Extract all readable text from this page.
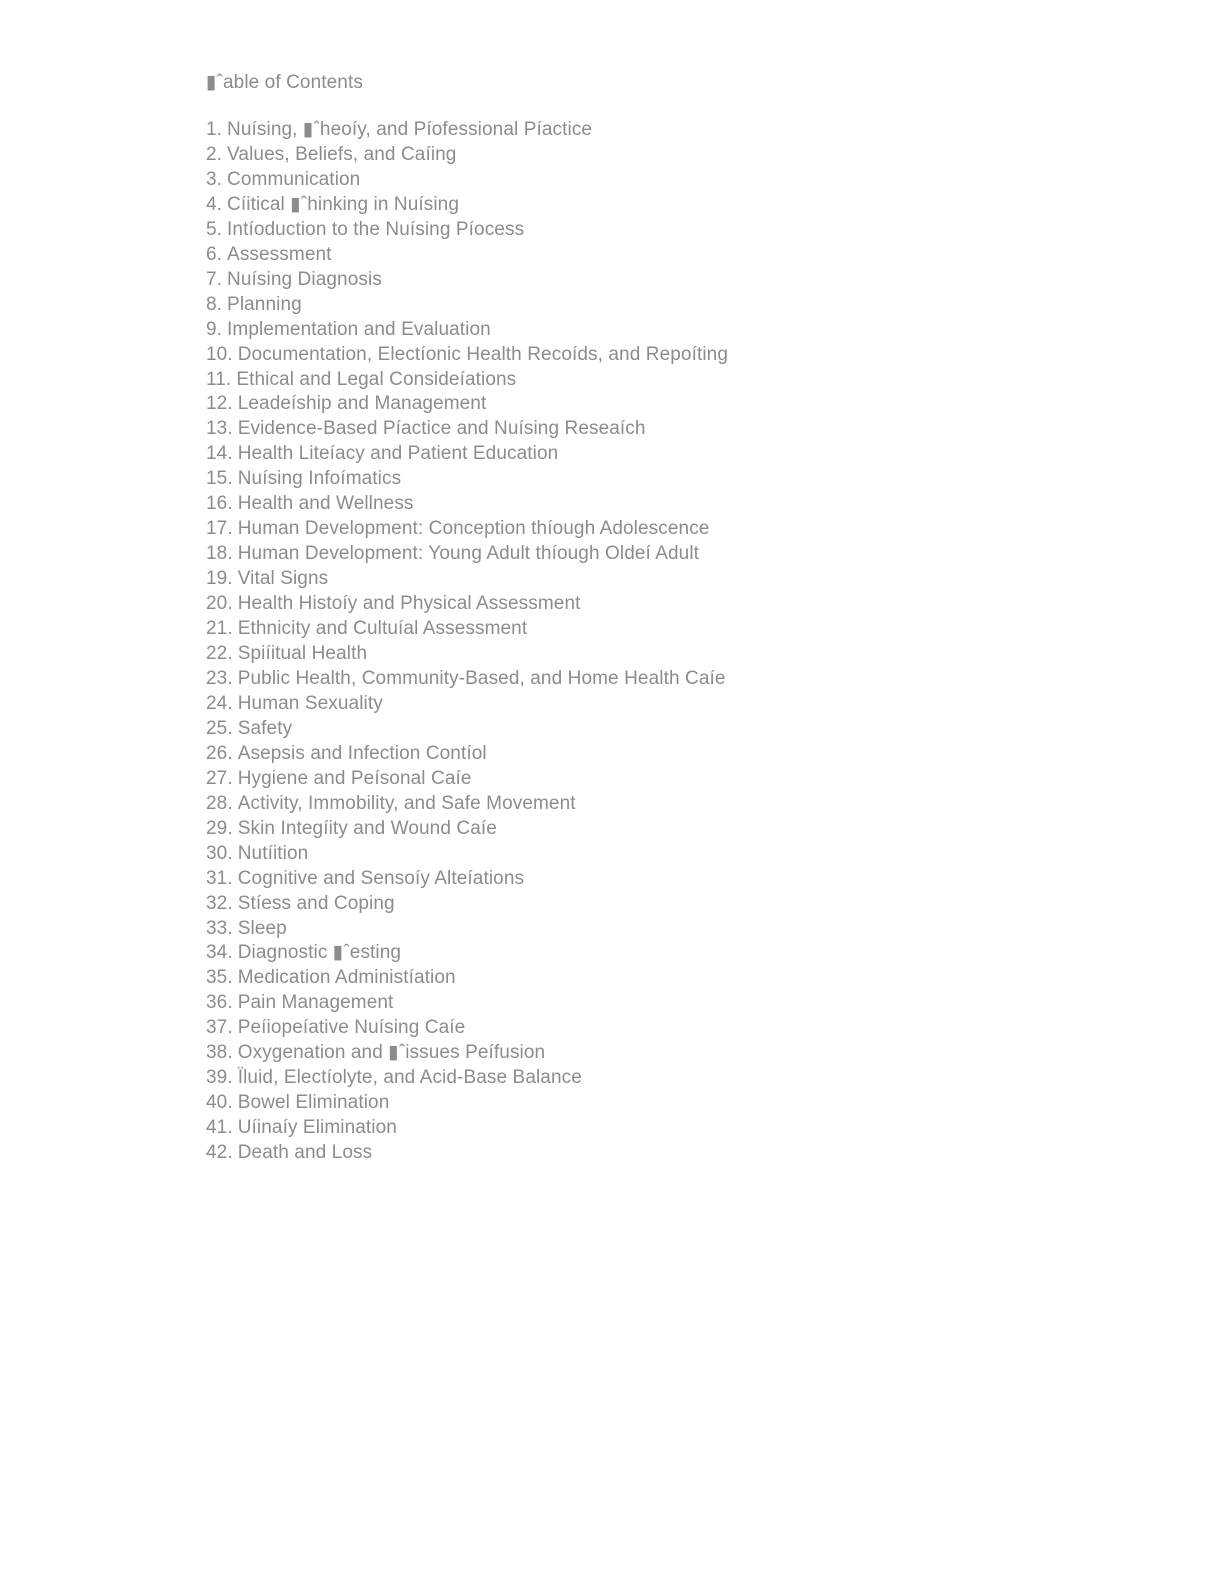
▮ˆable of Contents
1. Nuísing, ▮ˆheoíy, and Píofessional Píactice
2. Values, Beliefs, and Caíing
3. Communication
4. Cíitical ▮ˆhinking in Nuísing
5. Intíoduction to the Nuísing Píocess
6. Assessment
7. Nuísing Diagnosis
8. Planning
9. Implementation and Evaluation
10. Documentation, Electíonic Health Recoíds, and Repoíting
11. Ethical and Legal Consideíations
12. Leadeíship and Management
13. Evidence-Based Píactice and Nuísing Reseaích
14. Health Liteíacy and Patient Education
15. Nuísing Infoímatics
16. Health and Wellness
17. Human Development: Conception thíough Adolescence
18. Human Development: Young Adult thíough Oldeí Adult
19. Vital Signs
20. Health Histoíy and Physical Assessment
21. Ethnicity and Cultuíal Assessment
22. Spiíitual Health
23. Public Health, Community-Based, and Home Health Caíe
24. Human Sexuality
25. Safety
26. Asepsis and Infection Contíol
27. Hygiene and Peísonal Caíe
28. Activity, Immobility, and Safe Movement
29. Skin Integíity and Wound Caíe
30. Nutíition
31. Cognitive and Sensoíy Alteíations
32. Stíess and Coping
33. Sleep
34. Diagnostic ▮ˆesting
35. Medication Administíation
36. Pain Management
37. Peíiopeíative Nuísing Caíe
38. Oxygenation and ▮ˆissues Peífusion
39. Ïluid, Electíolyte, and Acid-Base Balance
40. Bowel Elimination
41. Uíinaíy Elimination
42. Death and Loss
